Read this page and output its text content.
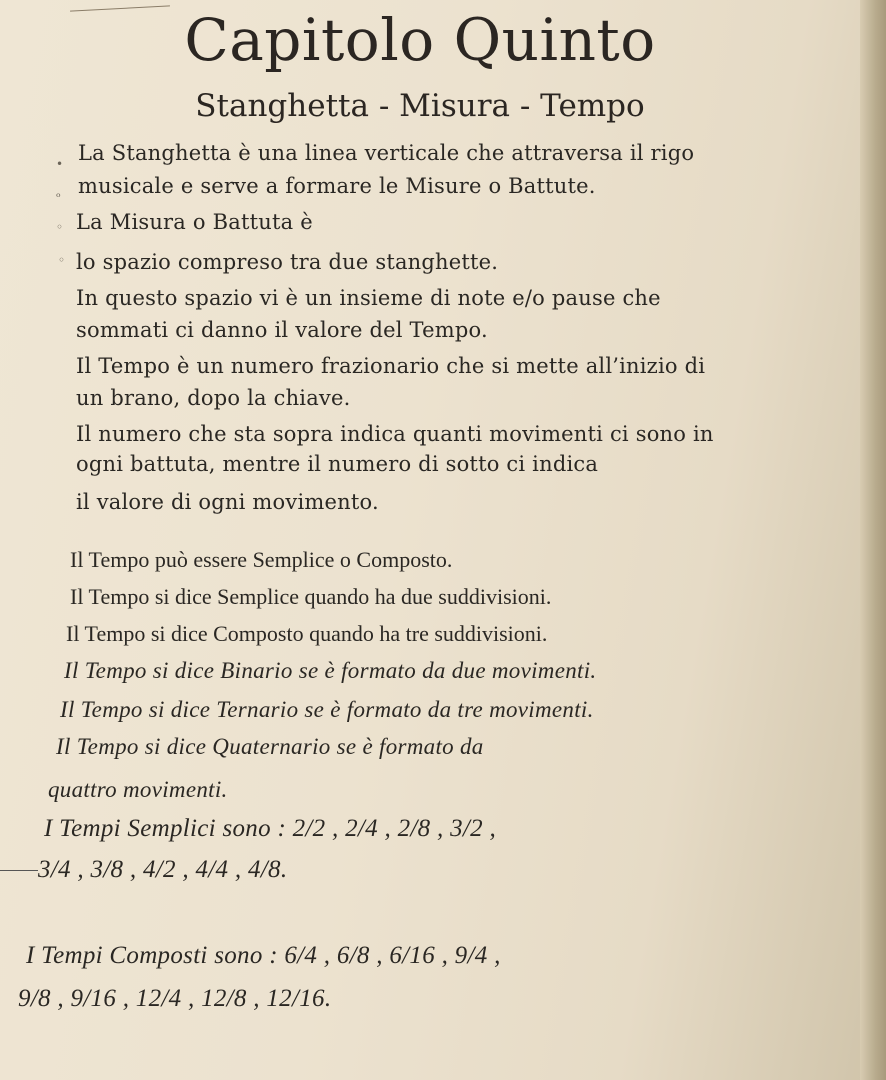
Capitolo Quinto
Stanghetta - Misura - Tempo
•
ᵒ
◦
◦
La Stanghetta è una linea verticale che attraversa il rigo
musicale e serve a formare le Misure o Battute.
La Misura o Battuta è
lo spazio compreso tra due stanghette.
In questo spazio vi è un insieme di note e/o pause che
sommati ci danno il valore del Tempo.
Il Tempo è un numero frazionario che si mette all’inizio di
un brano, dopo la chiave.
Il numero che sta sopra indica quanti movimenti ci sono in
ogni battuta, mentre il numero di sotto ci indica
il valore di ogni movimento.
Il Tempo può essere Semplice o Composto.
Il Tempo si dice Semplice quando ha due suddivisioni.
Il Tempo si dice Composto quando ha tre suddivisioni.
Il Tempo si dice Binario se è formato da due movimenti.
Il Tempo si dice Ternario se è formato da tre movimenti.
Il Tempo si dice Quaternario se è formato da
quattro movimenti.
I Tempi Semplici sono : 2/2 , 2/4 , 2/8 , 3/2 ,
3/4 , 3/8 , 4/2 , 4/4 , 4/8.
I Tempi Composti sono : 6/4 , 6/8 , 6/16 , 9/4 ,
9/8 , 9/16 , 12/4 , 12/8 , 12/16.
